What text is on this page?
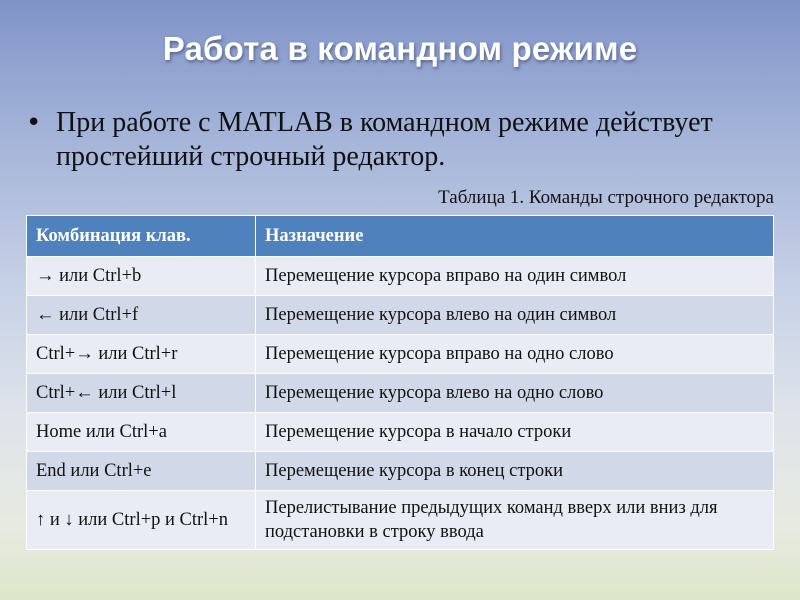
Работа в командном режиме
• При работе с MATLAB в командном режиме действует простейший строчный редактор.
Таблица 1. Команды строчного редактора
Комбинация клав.	Назначение
→ или Ctrl+b	Перемещение курсора вправо на один символ
← или Ctrl+f	Перемещение курсора влево на один символ
Ctrl+→ или Ctrl+r	Перемещение курсора вправо на одно слово
Ctrl+← или Ctrl+l	Перемещение курсора влево на одно слово
Home или Ctrl+a	Перемещение курсора в начало строки
End или Ctrl+e	Перемещение курсора в конец строки
↑ и ↓ или Ctrl+p и Ctrl+n	Перелистывание предыдущих команд вверх или вниз для подстановки в строку ввода
